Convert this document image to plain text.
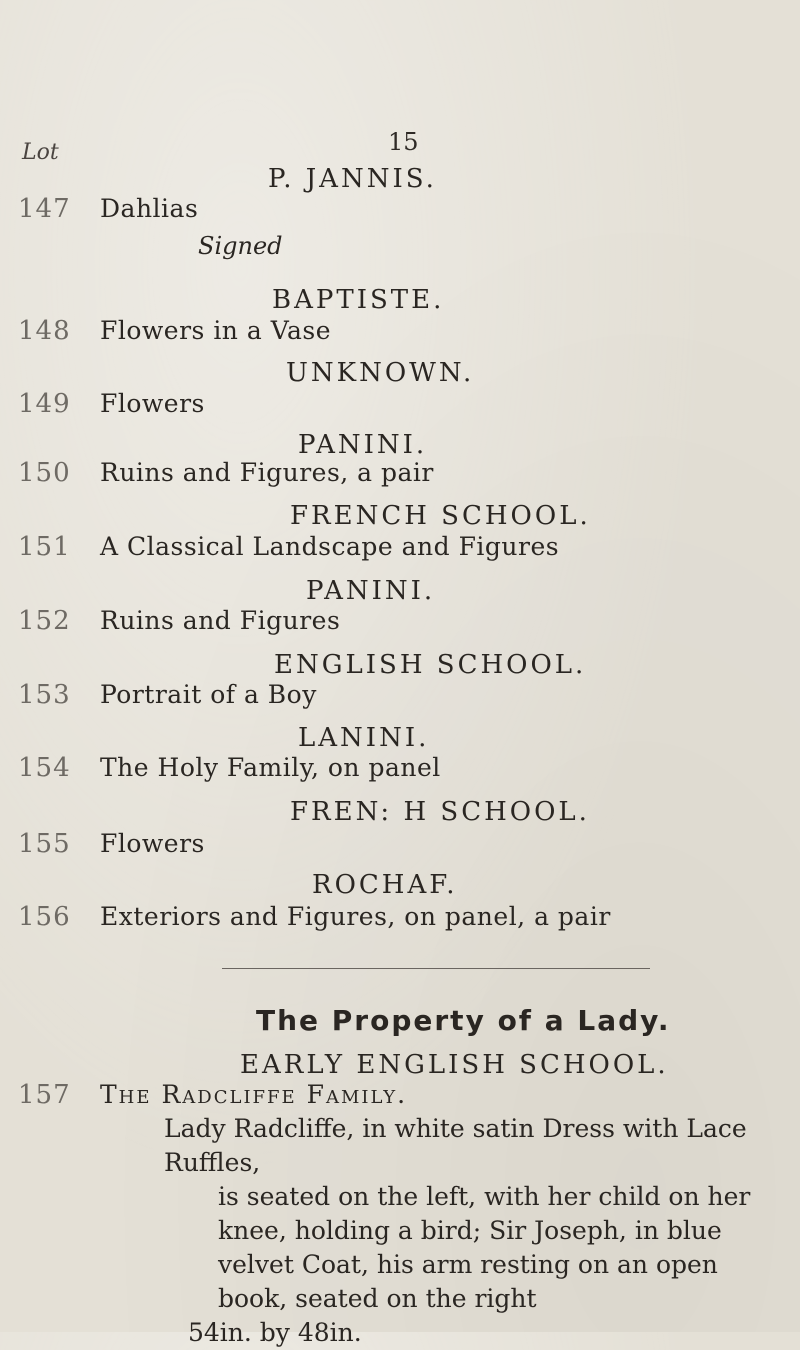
Lot	15
P. JANNIS.
147 Dahlias
Signed
BAPTISTE.
148 Flowers in a Vase
UNKNOWN.
149 Flowers
PANINI.
150 Ruins and Figures, a pair
FRENCH SCHOOL.
151 A Classical Landscape and Figures
PANINI.
152 Ruins and Figures
ENGLISH SCHOOL.
153 Portrait of a Boy
LANINI.
154 The Holy Family, on panel
FREN: H SCHOOL.
155 Flowers
ROCHAF.
156 Exteriors and Figures, on panel, a pair
The Property of a Lady.
EARLY ENGLISH SCHOOL.
157 The Radcliffe Family.

Lady Radcliffe, in white satin Dress with Lace Ruffles,

is seated on the left, with her child on her knee, holding a bird; Sir Joseph, in blue velvet Coat, his arm resting on an open book, seated on the right

54in. by 48in.
